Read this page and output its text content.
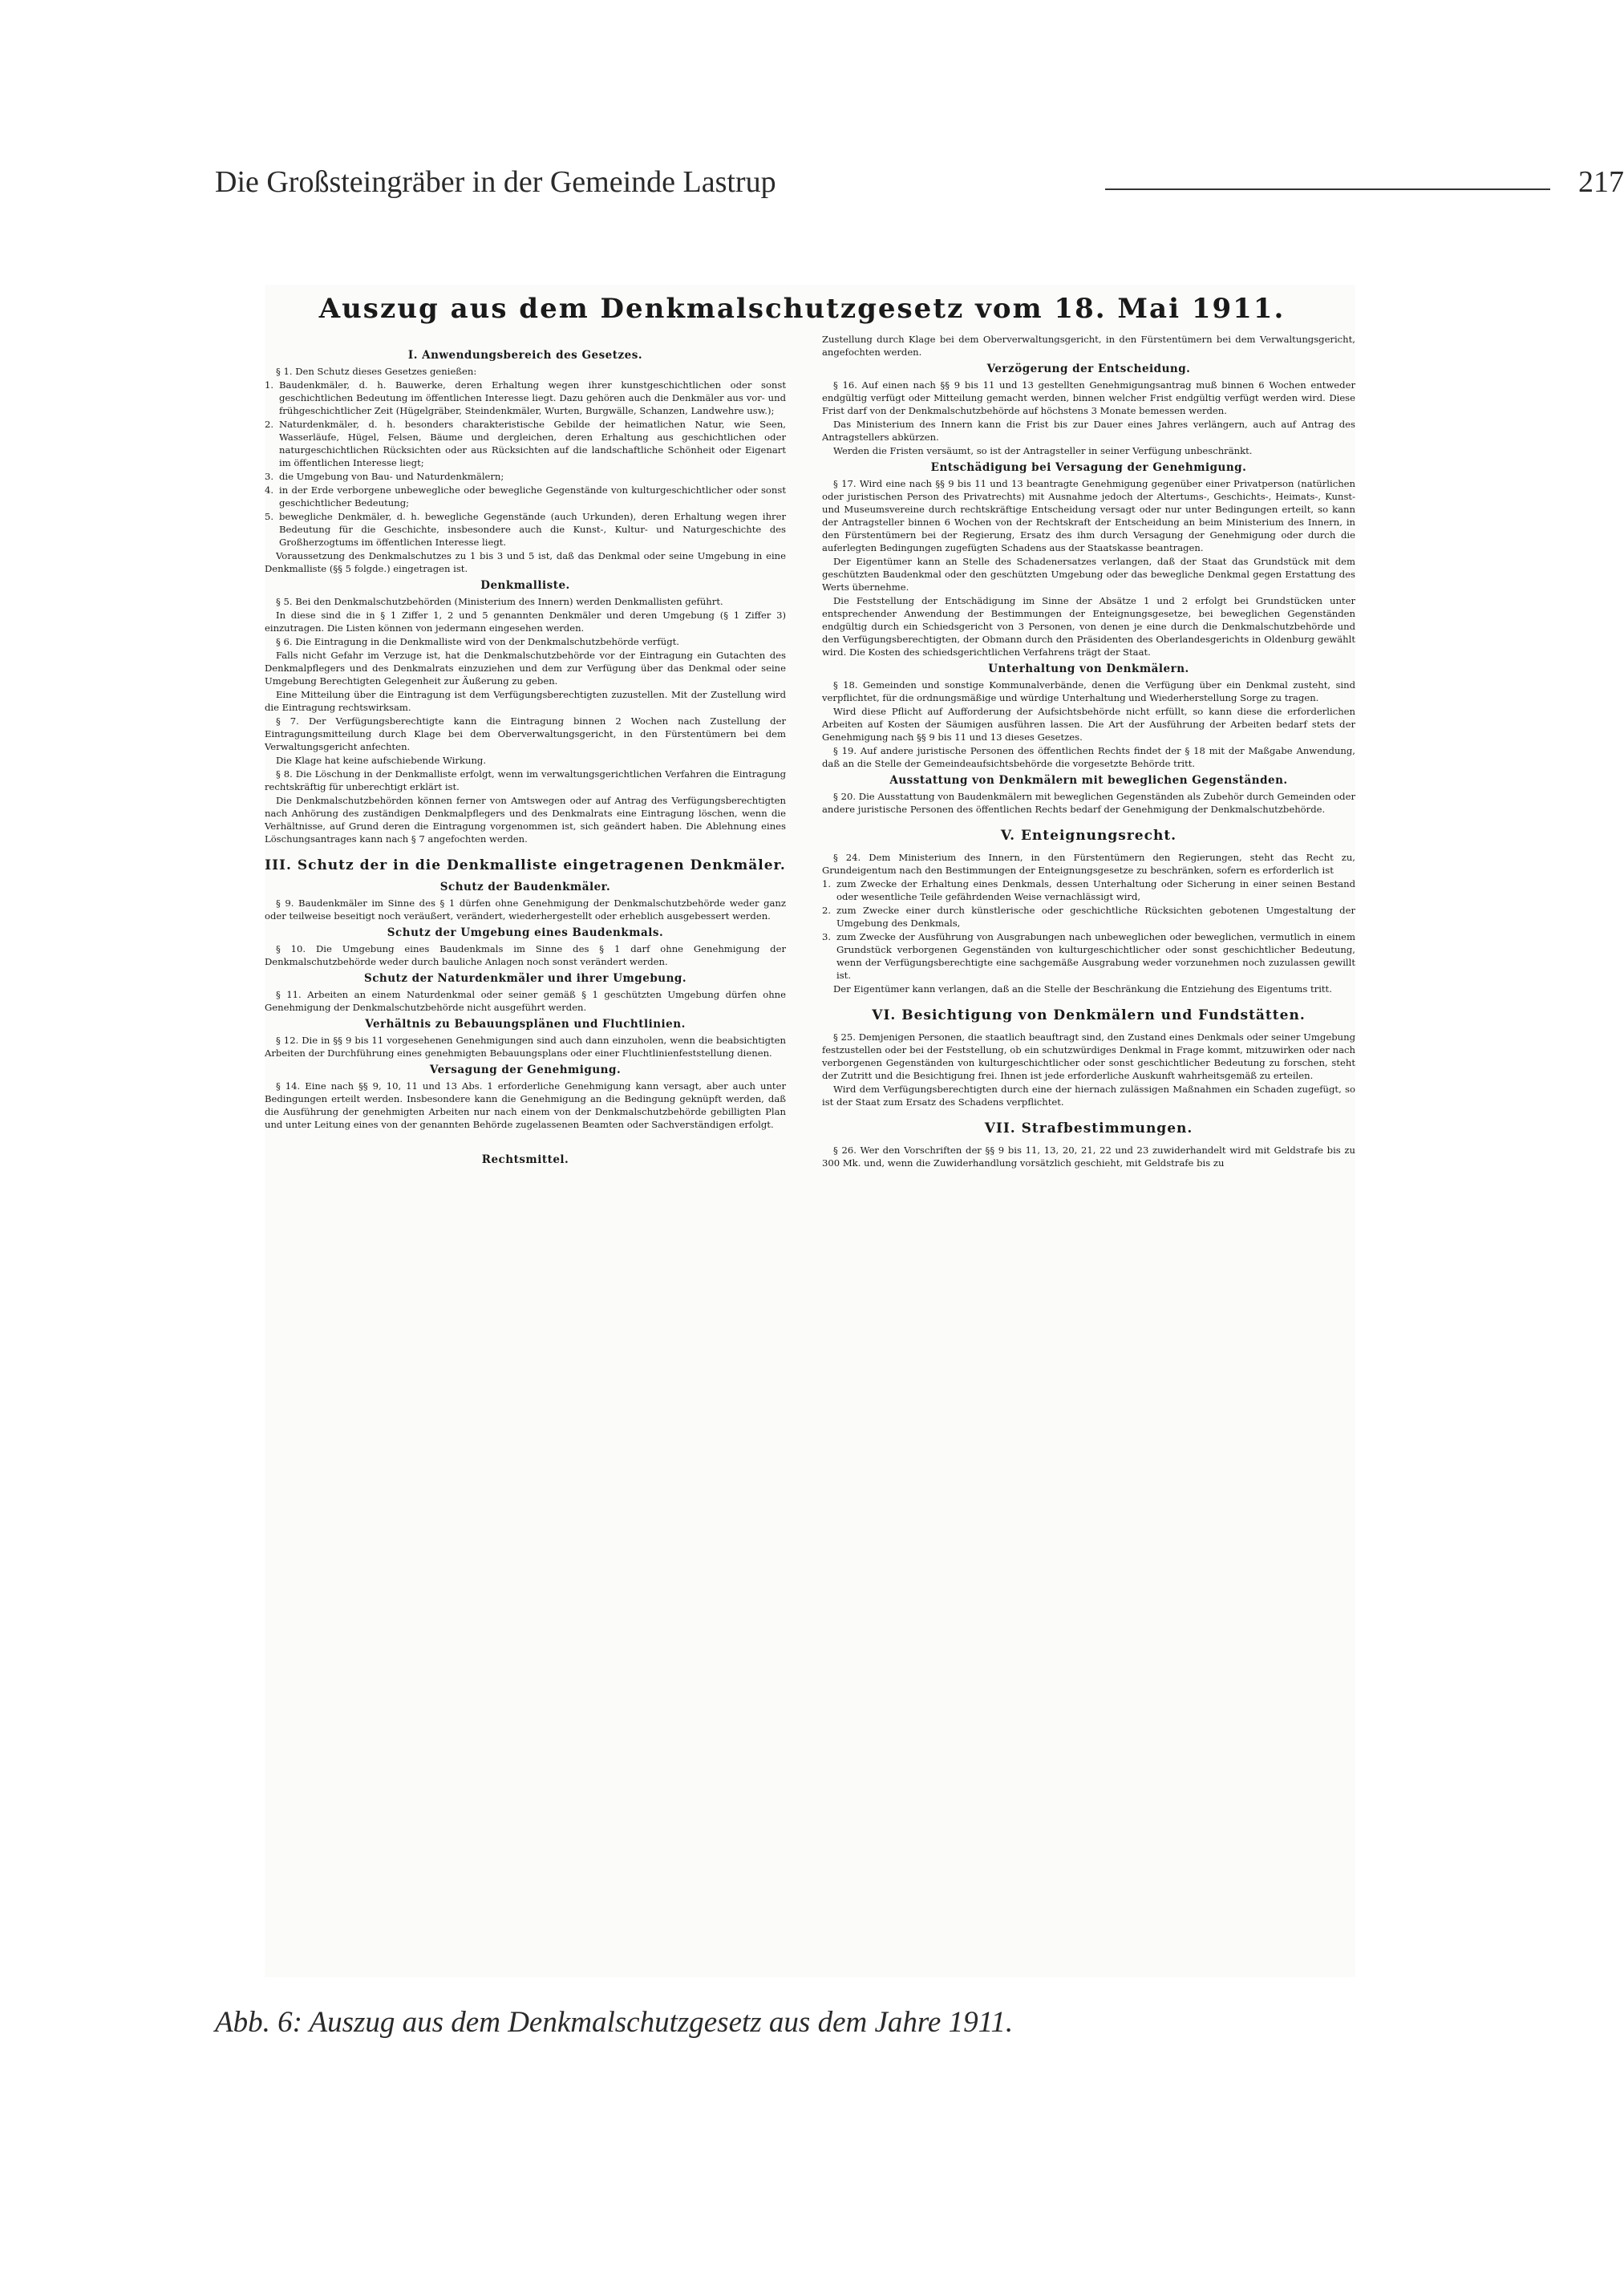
Die Großsteingräber in der Gemeinde Lastrup	217
Auszug aus dem Denkmalschutzgesetz vom 18. Mai 1911.
I. Anwendungsbereich des Gesetzes.

§ 1. Den Schutz dieses Gesetzes genießen:

1. Baudenkmäler, d. h. Bauwerke, deren Erhaltung wegen ihrer kunstgeschichtlichen oder sonst geschichtlichen Bedeutung im öffentlichen Interesse liegt. Dazu gehören auch die Denkmäler aus vor- und frühgeschichtlicher Zeit (Hügelgräber, Steindenkmäler, Wurten, Burgwälle, Schanzen, Landwehre usw.);

2. Naturdenkmäler, d. h. besonders charakteristische Gebilde der heimatlichen Natur, wie Seen, Wasserläufe, Hügel, Felsen, Bäume und dergleichen, deren Erhaltung aus geschichtlichen oder naturgeschichtlichen Rücksichten oder aus Rücksichten auf die landschaftliche Schönheit oder Eigenart im öffentlichen Interesse liegt;

3. die Umgebung von Bau- und Naturdenkmälern;

4. in der Erde verborgene unbewegliche oder bewegliche Gegenstände von kulturgeschichtlicher oder sonst geschichtlicher Bedeutung;

5. bewegliche Denkmäler, d. h. bewegliche Gegenstände (auch Urkunden), deren Erhaltung wegen ihrer Bedeutung für die Geschichte, insbesondere auch die Kunst-, Kultur- und Naturgeschichte des Großherzogtums im öffentlichen Interesse liegt.

Voraussetzung des Denkmalschutzes zu 1 bis 3 und 5 ist, daß das Denkmal oder seine Umgebung in eine Denkmalliste (§§ 5 folgde.) eingetragen ist.

Denkmalliste.

§ 5. Bei den Denkmalschutzbehörden (Ministerium des Innern) werden Denkmallisten geführt.

In diese sind die in § 1 Ziffer 1, 2 und 5 genannten Denkmäler und deren Umgebung (§ 1 Ziffer 3) einzutragen. Die Listen können von jedermann eingesehen werden.

§ 6. Die Eintragung in die Denkmalliste wird von der Denkmalschutzbehörde verfügt.

Falls nicht Gefahr im Verzuge ist, hat die Denkmalschutzbehörde vor der Eintragung ein Gutachten des Denkmalpflegers und des Denkmalrats einzuziehen und dem zur Verfügung über das Denkmal oder seine Umgebung Berechtigten Gelegenheit zur Äußerung zu geben.

Eine Mitteilung über die Eintragung ist dem Verfügungsberechtigten zuzustellen. Mit der Zustellung wird die Eintragung rechtswirksam.

§ 7. Der Verfügungsberechtigte kann die Eintragung binnen 2 Wochen nach Zustellung der Eintragungsmitteilung durch Klage bei dem Oberverwaltungsgericht, in den Fürstentümern bei dem Verwaltungsgericht anfechten.

Die Klage hat keine aufschiebende Wirkung.

§ 8. Die Löschung in der Denkmalliste erfolgt, wenn im verwaltungsgerichtlichen Verfahren die Eintragung rechtskräftig für unberechtigt erklärt ist.

Die Denkmalschutzbehörden können ferner von Amtswegen oder auf Antrag des Verfügungsberechtigten nach Anhörung des zuständigen Denkmalpflegers und des Denkmalrats eine Eintragung löschen, wenn die Verhältnisse, auf Grund deren die Eintragung vorgenommen ist, sich geändert haben. Die Ablehnung eines Löschungsantrages kann nach § 7 angefochten werden.

III. Schutz der in die Denkmalliste eingetragenen Denkmäler.
Schutz der Baudenkmäler.

§ 9. Baudenkmäler im Sinne des § 1 dürfen ohne Genehmigung der Denkmalschutzbehörde weder ganz oder teilweise beseitigt noch veräußert, verändert, wiederhergestellt oder erheblich ausgebessert werden.

Schutz der Umgebung eines Baudenkmals.

§ 10. Die Umgebung eines Baudenkmals im Sinne des § 1 darf ohne Genehmigung der Denkmalschutzbehörde weder durch bauliche Anlagen noch sonst verändert werden.

Schutz der Naturdenkmäler und ihrer Umgebung.

§ 11. Arbeiten an einem Naturdenkmal oder seiner gemäß § 1 geschützten Umgebung dürfen ohne Genehmigung der Denkmalschutzbehörde nicht ausgeführt werden.

Verhältnis zu Bebauungsplänen und Fluchtlinien.

§ 12. Die in §§ 9 bis 11 vorgesehenen Genehmigungen sind auch dann einzuholen, wenn die beabsichtigten Arbeiten der Durchführung eines genehmigten Bebauungsplans oder einer Fluchtlinienfeststellung dienen.

Versagung der Genehmigung.

§ 14. Eine nach §§ 9, 10, 11 und 13 Abs. 1 erforderliche Genehmigung kann versagt, aber auch unter Bedingungen erteilt werden. Insbesondere kann die Genehmigung an die Bedingung geknüpft werden, daß die Ausführung der genehmigten Arbeiten nur nach einem von der Denkmalschutzbehörde gebilligten Plan und unter Leitung eines von der genannten Behörde zugelassenen Beamten oder Sachverständigen erfolgt.

Rechtsmittel.

Zustellung durch Klage bei dem Oberverwaltungsgericht, in den Fürstentümern bei dem Verwaltungsgericht, angefochten werden.

Verzögerung der Entscheidung.

§ 16. Auf einen nach §§ 9 bis 11 und 13 gestellten Genehmigungsantrag muß binnen 6 Wochen entweder endgültig verfügt oder Mitteilung gemacht werden, binnen welcher Frist endgültig verfügt werden wird. Diese Frist darf von der Denkmalschutzbehörde auf höchstens 3 Monate bemessen werden.

Das Ministerium des Innern kann die Frist bis zur Dauer eines Jahres verlängern, auch auf Antrag des Antragstellers abkürzen.

Werden die Fristen versäumt, so ist der Antragsteller in seiner Verfügung unbeschränkt.

Entschädigung bei Versagung der Genehmigung.

§ 17. Wird eine nach §§ 9 bis 11 und 13 beantragte Genehmigung gegenüber einer Privatperson (natürlichen oder juristischen Person des Privatrechts) mit Ausnahme jedoch der Altertums-, Geschichts-, Heimats-, Kunst- und Museumsvereine durch rechtskräftige Entscheidung versagt oder nur unter Bedingungen erteilt, so kann der Antragsteller binnen 6 Wochen von der Rechtskraft der Entscheidung an beim Ministerium des Innern, in den Fürstentümern bei der Regierung, Ersatz des ihm durch Versagung der Genehmigung oder durch die auferlegten Bedingungen zugefügten Schadens aus der Staatskasse beantragen.

Der Eigentümer kann an Stelle des Schadenersatzes verlangen, daß der Staat das Grundstück mit dem geschützten Baudenkmal oder den geschützten Umgebung oder das bewegliche Denkmal gegen Erstattung des Werts übernehme.

Die Feststellung der Entschädigung im Sinne der Absätze 1 und 2 erfolgt bei Grundstücken unter entsprechender Anwendung der Bestimmungen der Enteignungsgesetze, bei beweglichen Gegenständen endgültig durch ein Schiedsgericht von 3 Personen, von denen je eine durch die Denkmalschutzbehörde und den Verfügungsberechtigten, der Obmann durch den Präsidenten des Oberlandesgerichts in Oldenburg gewählt wird. Die Kosten des schiedsgerichtlichen Verfahrens trägt der Staat.

Unterhaltung von Denkmälern.

§ 18. Gemeinden und sonstige Kommunalverbände, denen die Verfügung über ein Denkmal zusteht, sind verpflichtet, für die ordnungsmäßige und würdige Unterhaltung und Wiederherstellung Sorge zu tragen.

Wird diese Pflicht auf Aufforderung der Aufsichtsbehörde nicht erfüllt, so kann diese die erforderlichen Arbeiten auf Kosten der Säumigen ausführen lassen. Die Art der Ausführung der Arbeiten bedarf stets der Genehmigung nach §§ 9 bis 11 und 13 dieses Gesetzes.

§ 19. Auf andere juristische Personen des öffentlichen Rechts findet der § 18 mit der Maßgabe Anwendung, daß an die Stelle der Gemeindeaufsichtsbehörde die vorgesetzte Behörde tritt.

Ausstattung von Denkmälern mit beweglichen Gegenständen.

§ 20. Die Ausstattung von Baudenkmälern mit beweglichen Gegenständen als Zubehör durch Gemeinden oder andere juristische Personen des öffentlichen Rechts bedarf der Genehmigung der Denkmalschutzbehörde.

V. Enteignungsrecht.

§ 24. Dem Ministerium des Innern, in den Fürstentümern den Regierungen, steht das Recht zu, Grundeigentum nach den Bestimmungen der Enteignungsgesetze zu beschränken, sofern es erforderlich ist

1. zum Zwecke der Erhaltung eines Denkmals, dessen Unterhaltung oder Sicherung in einer seinen Bestand oder wesentliche Teile gefährdenden Weise vernachlässigt wird,

2. zum Zwecke einer durch künstlerische oder geschichtliche Rücksichten gebotenen Umgestaltung der Umgebung des Denkmals,

3. zum Zwecke der Ausführung von Ausgrabungen nach unbeweglichen oder beweglichen, vermutlich in einem Grundstück verborgenen Gegenständen von kulturgeschichtlicher oder sonst geschichtlicher Bedeutung, wenn der Verfügungsberechtigte eine sachgemäße Ausgrabung weder vorzunehmen noch zuzulassen gewillt ist.

Der Eigentümer kann verlangen, daß an die Stelle der Beschränkung die Entziehung des Eigentums tritt.

VI. Besichtigung von Denkmälern und Fundstätten.

§ 25. Demjenigen Personen, die staatlich beauftragt sind, den Zustand eines Denkmals oder seiner Umgebung festzustellen oder bei der Feststellung, ob ein schutzwürdiges Denkmal in Frage kommt, mitzuwirken oder nach verborgenen Gegenständen von kulturgeschichtlicher oder sonst geschichtlicher Bedeutung zu forschen, steht der Zutritt und die Besichtigung frei. Ihnen ist jede erforderliche Auskunft wahrheitsgemäß zu erteilen.

Wird dem Verfügungsberechtigten durch eine der hiernach zulässigen Maßnahmen ein Schaden zugefügt, so ist der Staat zum Ersatz des Schadens verpflichtet.

VII. Strafbestimmungen.

§ 26. Wer den Vorschriften der §§ 9 bis 11, 13, 20, 21, 22 und 23 zuwiderhandelt wird mit Geldstrafe bis zu 300 Mk. und, wenn die Zuwiderhandlung vorsätzlich geschieht, mit Geldstrafe bis zu

Abb. 6: Auszug aus dem Denkmalschutzgesetz aus dem Jahre 1911.
